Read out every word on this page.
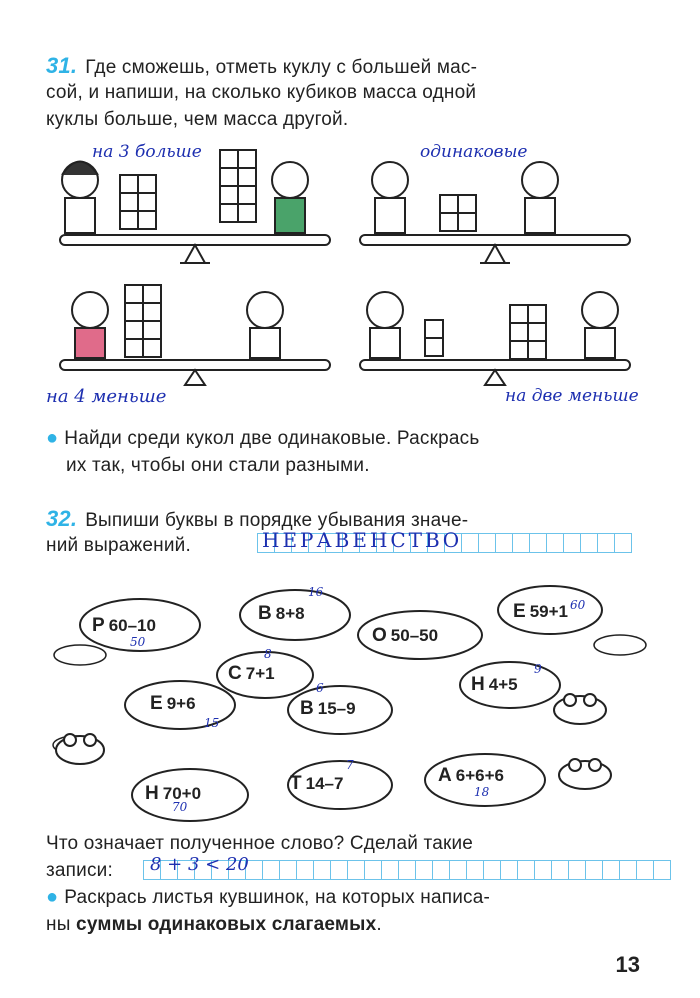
31. Где сможешь, отметь куклу с большей мас-
сой, и напиши, на сколько кубиков масса одной
куклы больше, чем масса другой.
на 3 больше	одинаковые
на 4 меньше	на две меньше
● Найди среди кукол две одинаковые. Раскрась
их так, чтобы они стали разными.
32. Выпиши буквы в порядке убывания значе-
ний выражений.	НЕРАВЕНСТВО
Р 60–10
50
В 8+8
16
О 50–50
Е 59+1 60
С 7+1
8
Н 4+5
9
Е 9+6
15
В 15–9
6
Н 70+0
70
Т 14–7
7	А 6+6+6
18
Что означает полученное слово? Сделай такие
записи: 8 + 3 < 20
● Раскрась листья кувшинок, на которых написа-
ны суммы одинаковых слагаемых.
13
